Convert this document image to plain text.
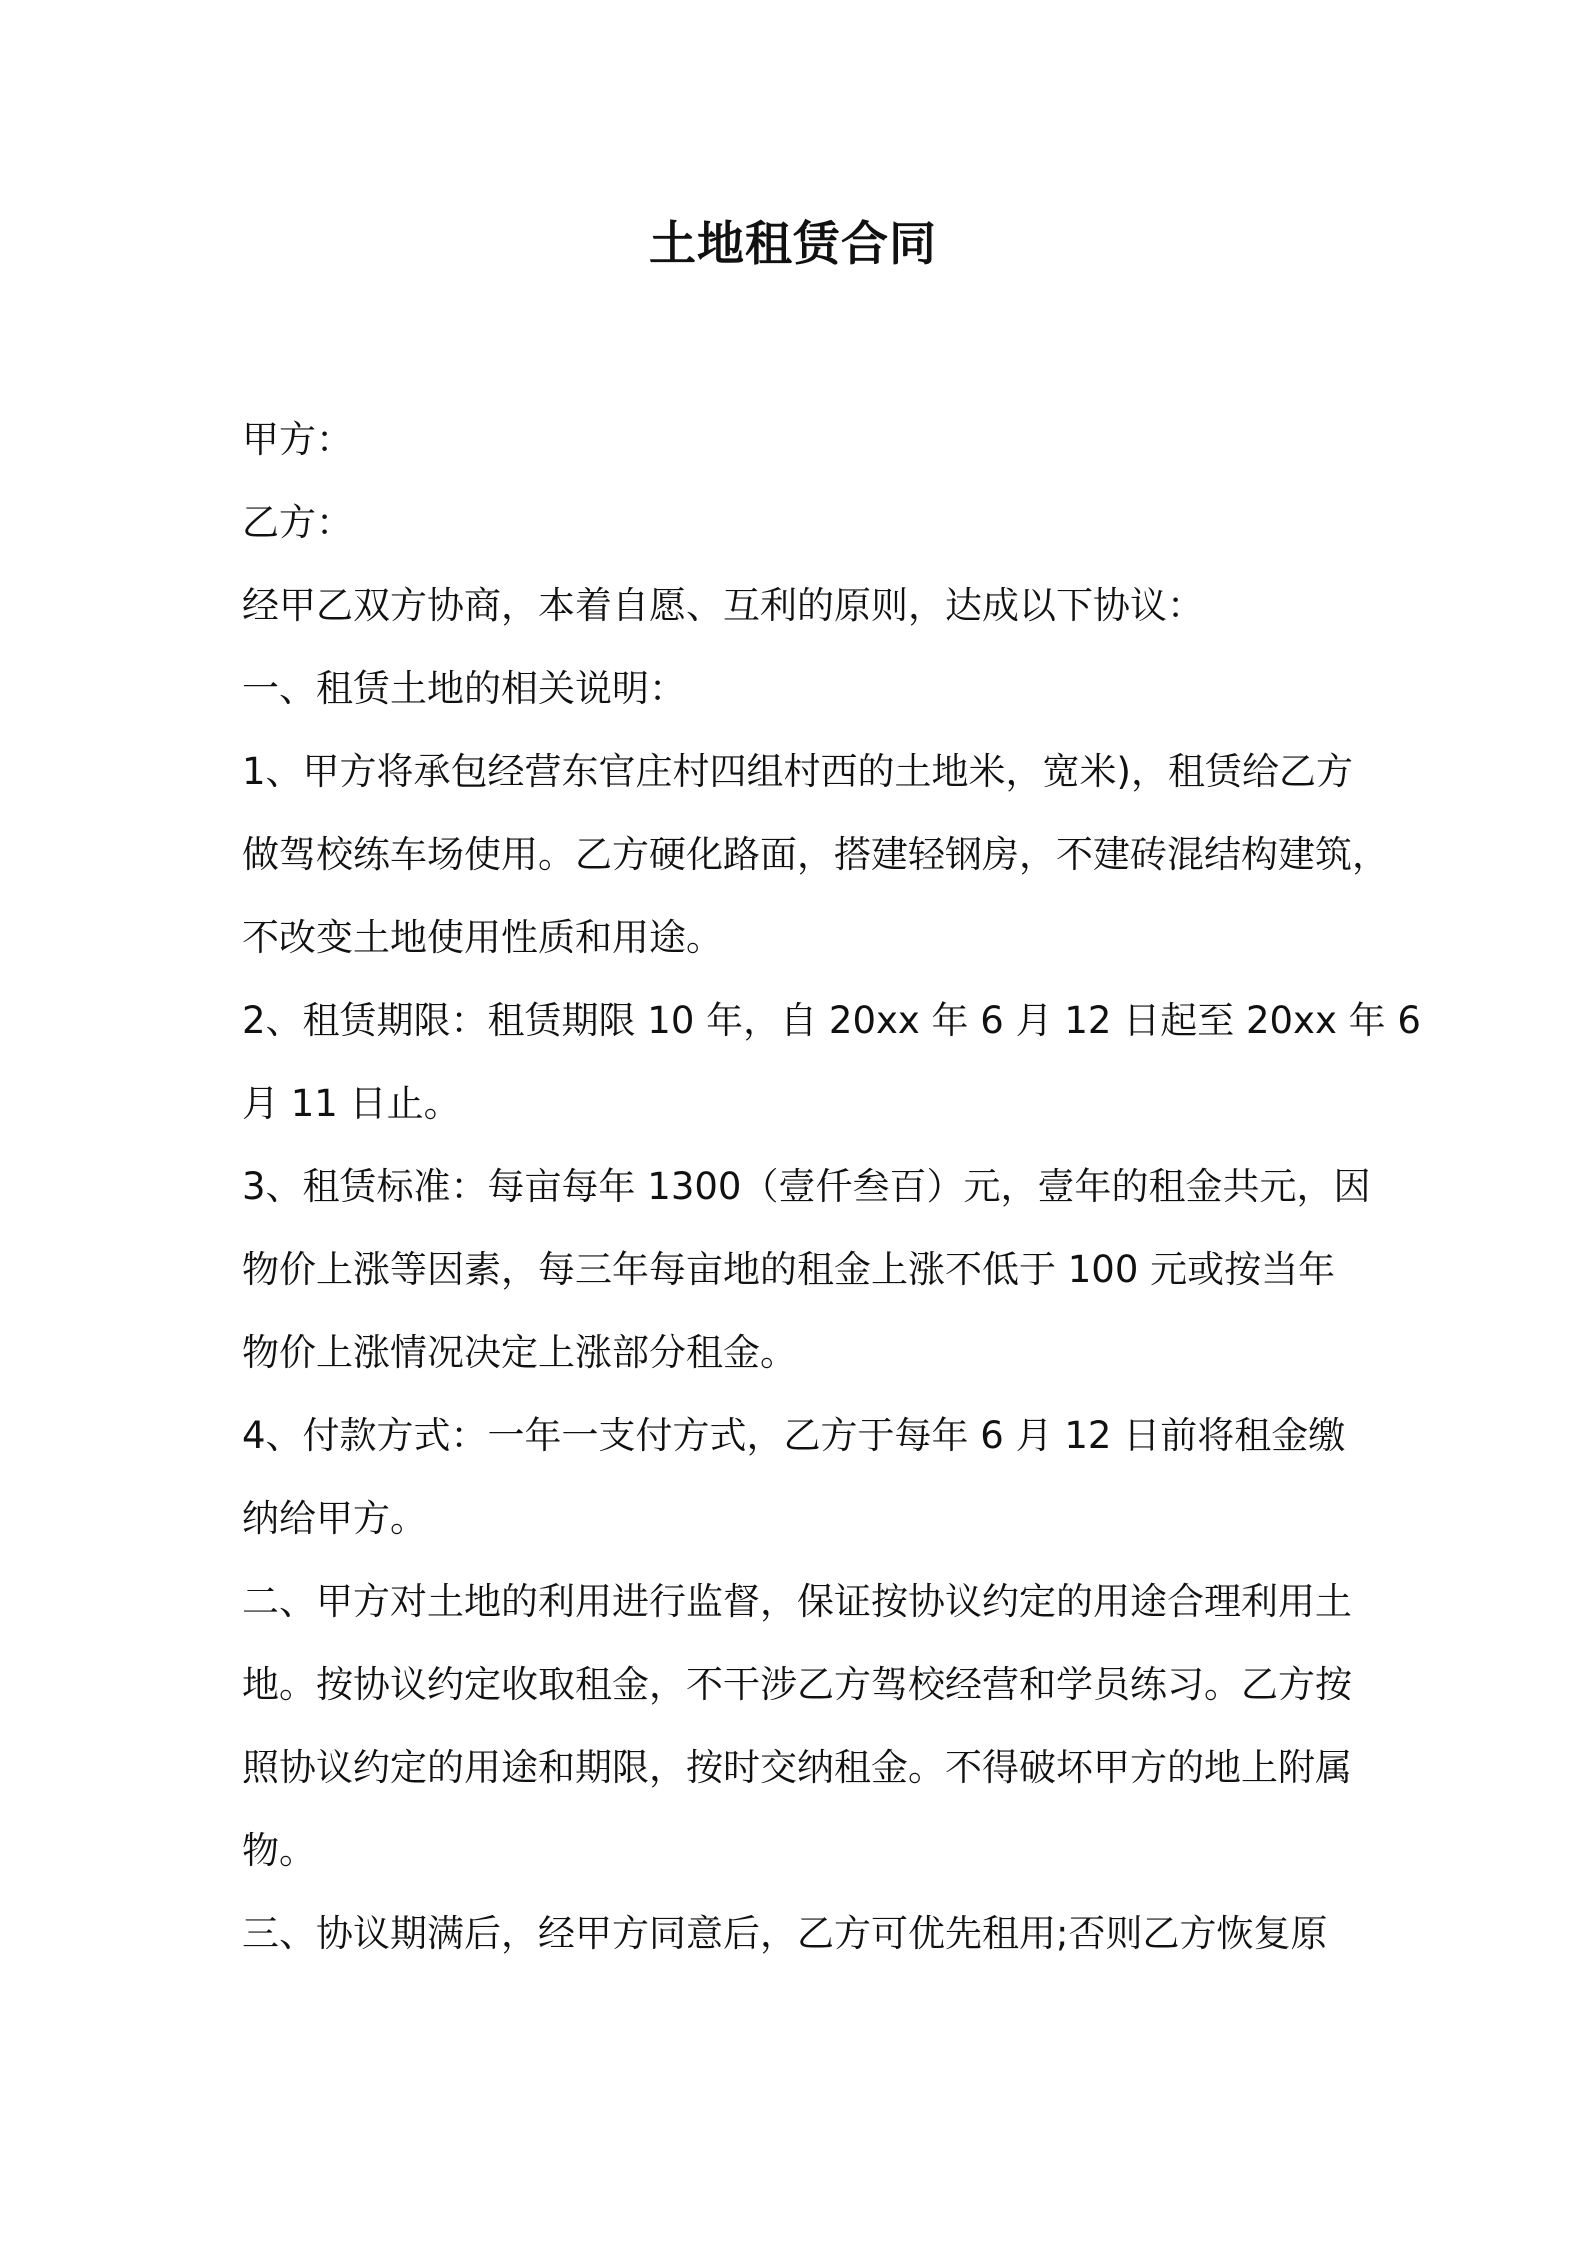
土地租赁合同
甲方：
乙方：
经甲乙双方协商，本着自愿、互利的原则，达成以下协议：
一、租赁土地的相关说明：
1、甲方将承包经营东官庄村四组村西的土地米，宽米)，租赁给乙方
做驾校练车场使用。乙方硬化路面，搭建轻钢房，不建砖混结构建筑，
不改变土地使用性质和用途。
2、租赁期限：租赁期限 10 年，自 20xx 年 6 月 12 日起至 20xx 年 6
月 11 日止。
3、租赁标准：每亩每年 1300（壹仟叁百）元，壹年的租金共元，因
物价上涨等因素，每三年每亩地的租金上涨不低于 100 元或按当年
物价上涨情况决定上涨部分租金。
4、付款方式：一年一支付方式，乙方于每年 6 月 12 日前将租金缴
纳给甲方。
二、甲方对土地的利用进行监督，保证按协议约定的用途合理利用土
地。按协议约定收取租金，不干涉乙方驾校经营和学员练习。乙方按
照协议约定的用途和期限，按时交纳租金。不得破坏甲方的地上附属
物。
三、协议期满后，经甲方同意后，乙方可优先租用;否则乙方恢复原
